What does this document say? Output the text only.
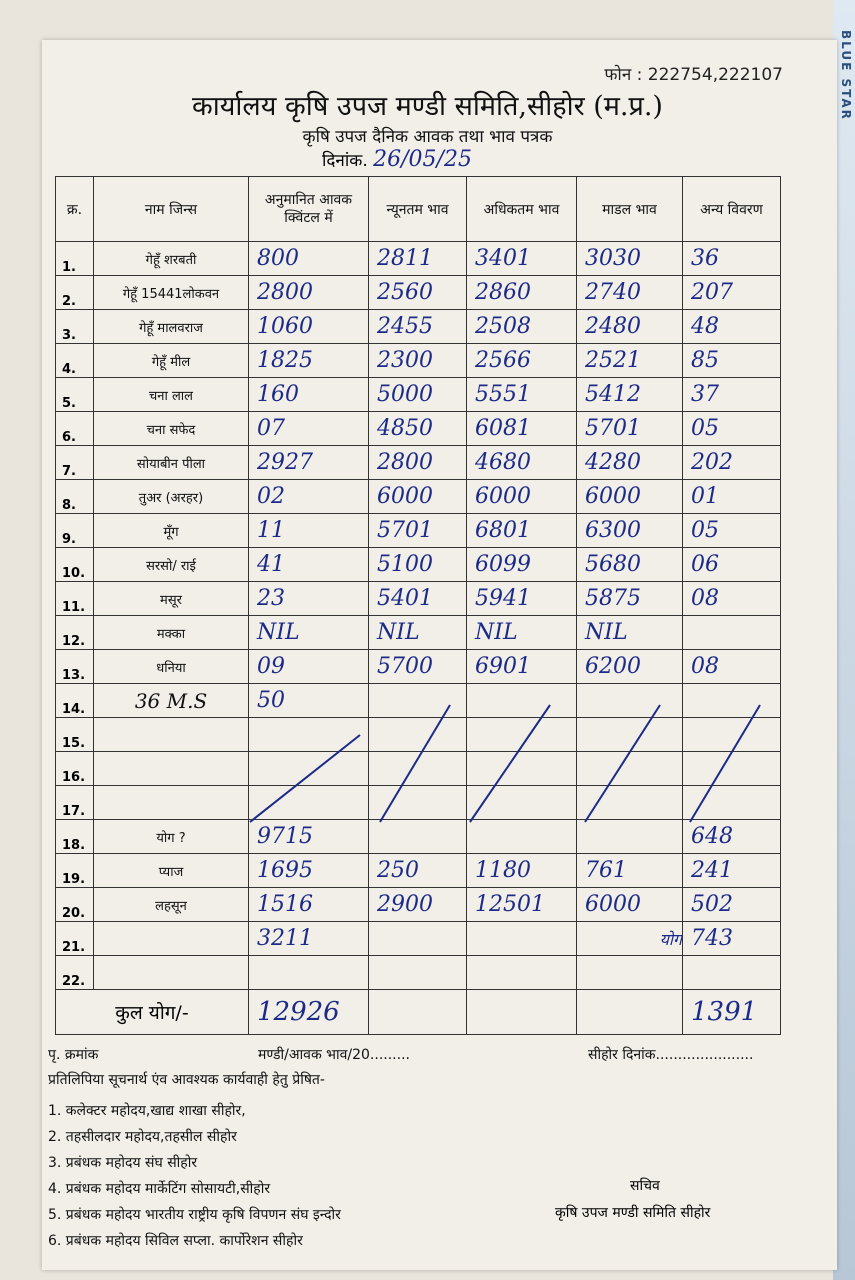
BLUE STAR
फोन : 222754,222107
कार्यालय कृषि उपज मण्डी समिति,सीहोर (म.प्र.)
कृषि उपज दैनिक आवक तथा भाव पत्रक
दिनांक. 26/05/25
क्र.	नाम जिन्स	अनुमानित आवक क्विंटल में	न्यूनतम भाव	अधिकतम भाव	माडल भाव	अन्य विवरण
1.	गेहूँ शरबती	800	2811	3401	3030	36
2.	गेहूँ 15441लोकवन	2800	2560	2860	2740	207
3.	गेहूँ मालवराज	1060	2455	2508	2480	48
4.	गेहूँ मील	1825	2300	2566	2521	85
5.	चना लाल	160	5000	5551	5412	37
6.	चना सफेद	07	4850	6081	5701	05
7.	सोयाबीन पीला	2927	2800	4680	4280	202
8.	तुअर (अरहर)	02	6000	6000	6000	01
9.	मूँग	11	5701	6801	6300	05
10.	सरसो/ राई	41	5100	6099	5680	06
11.	मसूर	23	5401	5941	5875	08
12.	मक्का	NIL	NIL	NIL	NIL	
13.	धनिया	09	5700	6901	6200	08
14.	36 M.S	50				
15.						
16.						
17.						
18.	योग ?	9715				648
19.	प्याज	1695	250	1180	761	241
20.	लहसून	1516	2900	12501	6000	502
21.		3211			योग	743
22.						
कुल योग/-		12926				1391
पृ. क्रमांक	मण्डी/आवक भाव/20.........	सीहोर दिनांक......................
प्रतिलिपिया सूचनार्थ एंव आवश्यक कार्यवाही हेतु प्रेषित-
1. कलेक्टर महोदय,खाद्य शाखा सीहोर,
2. तहसीलदार महोदय,तहसील सीहोर
3. प्रबंधक महोदय संघ सीहोर
4. प्रबंधक महोदय मार्केटिंग सोसायटी,सीहोर
5. प्रबंधक महोदय भारतीय राष्ट्रीय कृषि विपणन संघ इन्दोर
6. प्रबंधक महोदय सिविल सप्ला. कार्पोरेशन सीहोर
सचिव
कृषि उपज मण्डी समिति सीहोर
